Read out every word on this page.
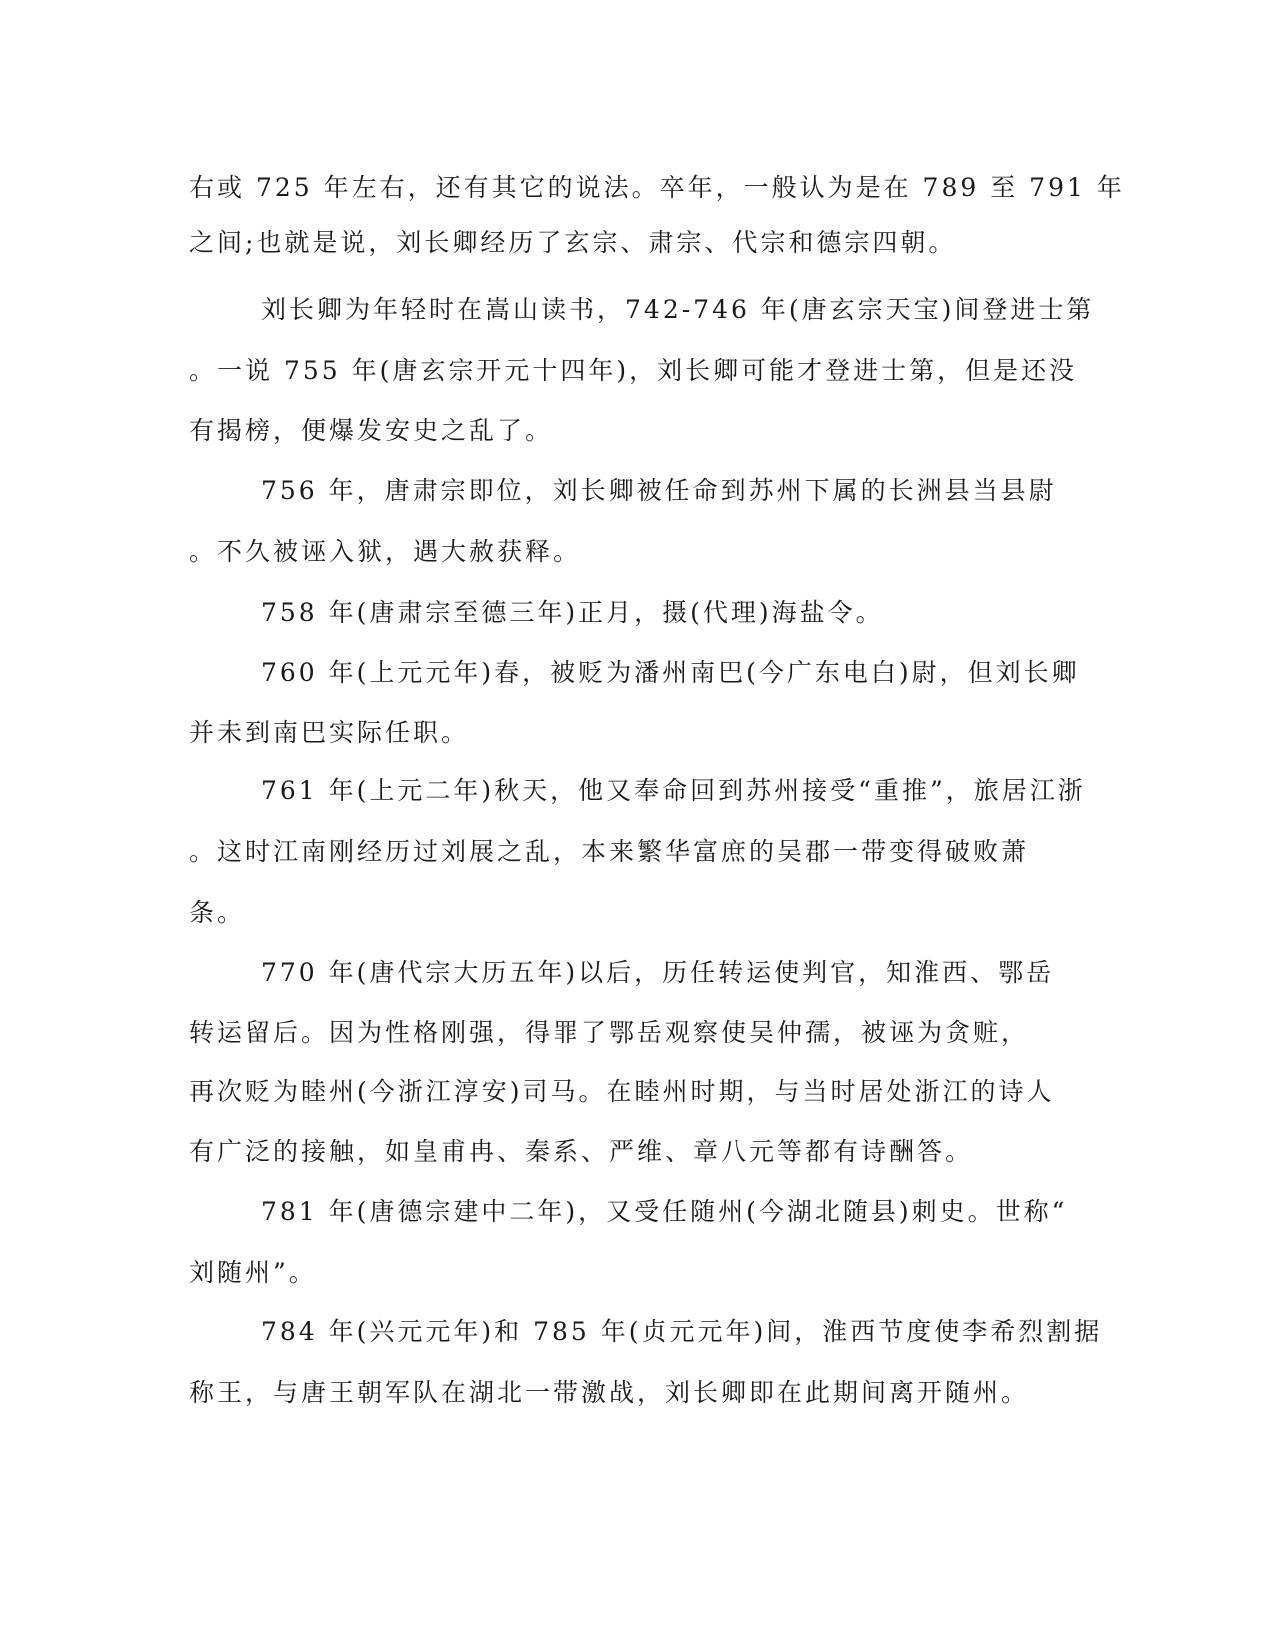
右或 725 年左右，还有其它的说法。卒年，一般认为是在 789 至 791 年
之间;也就是说，刘长卿经历了玄宗、肃宗、代宗和德宗四朝。
刘长卿为年轻时在嵩山读书，742-746 年(唐玄宗天宝)间登进士第
。一说 755 年(唐玄宗开元十四年)，刘长卿可能才登进士第，但是还没
有揭榜，便爆发安史之乱了。
756 年，唐肃宗即位，刘长卿被任命到苏州下属的长洲县当县尉
。不久被诬入狱，遇大赦获释。
758 年(唐肃宗至德三年)正月，摄(代理)海盐令。
760 年(上元元年)春，被贬为潘州南巴(今广东电白)尉，但刘长卿
并未到南巴实际任职。
761 年(上元二年)秋天，他又奉命回到苏州接受“重推”，旅居江浙
。这时江南刚经历过刘展之乱，本来繁华富庶的吴郡一带变得破败萧
条。
770 年(唐代宗大历五年)以后，历任转运使判官，知淮西、鄂岳
转运留后。因为性格刚强，得罪了鄂岳观察使吴仲孺，被诬为贪赃，
再次贬为睦州(今浙江淳安)司马。在睦州时期，与当时居处浙江的诗人
有广泛的接触，如皇甫冉、秦系、严维、章八元等都有诗酬答。
781 年(唐德宗建中二年)，又受任随州(今湖北随县)刺史。世称“
刘随州”。
784 年(兴元元年)和 785 年(贞元元年)间，淮西节度使李希烈割据
称王，与唐王朝军队在湖北一带激战，刘长卿即在此期间离开随州。
